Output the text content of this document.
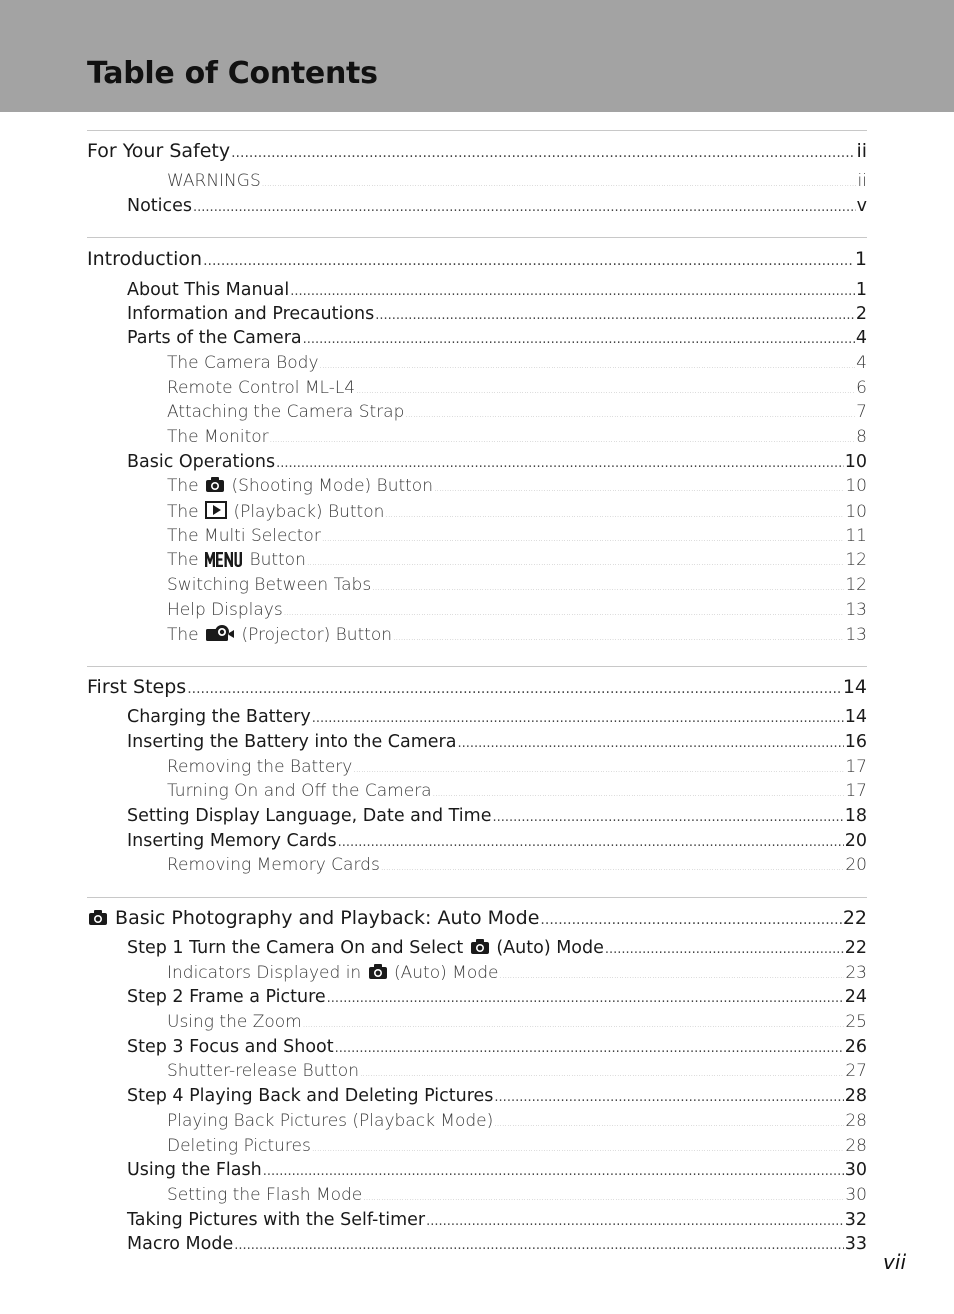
Table of Contents
For Your Safety .....	ii
WARNINGS .....	ii
Notices .....	v
Introduction .....	1
About This Manual .....	1
Information and Precautions .....	2
Parts of the Camera .....	4
The Camera Body .....	4
Remote Control ML-L4 .....	6
Attaching the Camera Strap .....	7
The Monitor .....	8
Basic Operations .....	10
The (Shooting Mode) Button .....	10
The (Playback) Button .....	10
The Multi Selector .....	11
The	Button .....	12
Switching Between Tabs .....	12
Help Displays .....	13
The	(Projector) Button .....	13
First Steps .....	14
Charging the Battery .....	14
Inserting the Battery into the Camera .....	16
Removing the Battery .....	17
Turning On and Off the Camera .....	17
Setting Display Language, Date and Time .....	18
Inserting Memory Cards .....	20
Removing Memory Cards .....	20
Basic Photography and Playback: Auto Mode .....	22
Step 1 Turn the Camera On and Select (Auto) Mode .....	22
Indicators Displayed in (Auto) Mode .....	23
Step 2 Frame a Picture .....	24
Using the Zoom .....	25
Step 3 Focus and Shoot .....	26
Shutter-release Button .....	27
Step 4 Playing Back and Deleting Pictures .....	28
Playing Back Pictures (Playback Mode) .....	28
Deleting Pictures .....	28
Using the Flash .....	30
Setting the Flash Mode .....	30
Taking Pictures with the Self-timer .....	32
Macro Mode .....	33
vii
